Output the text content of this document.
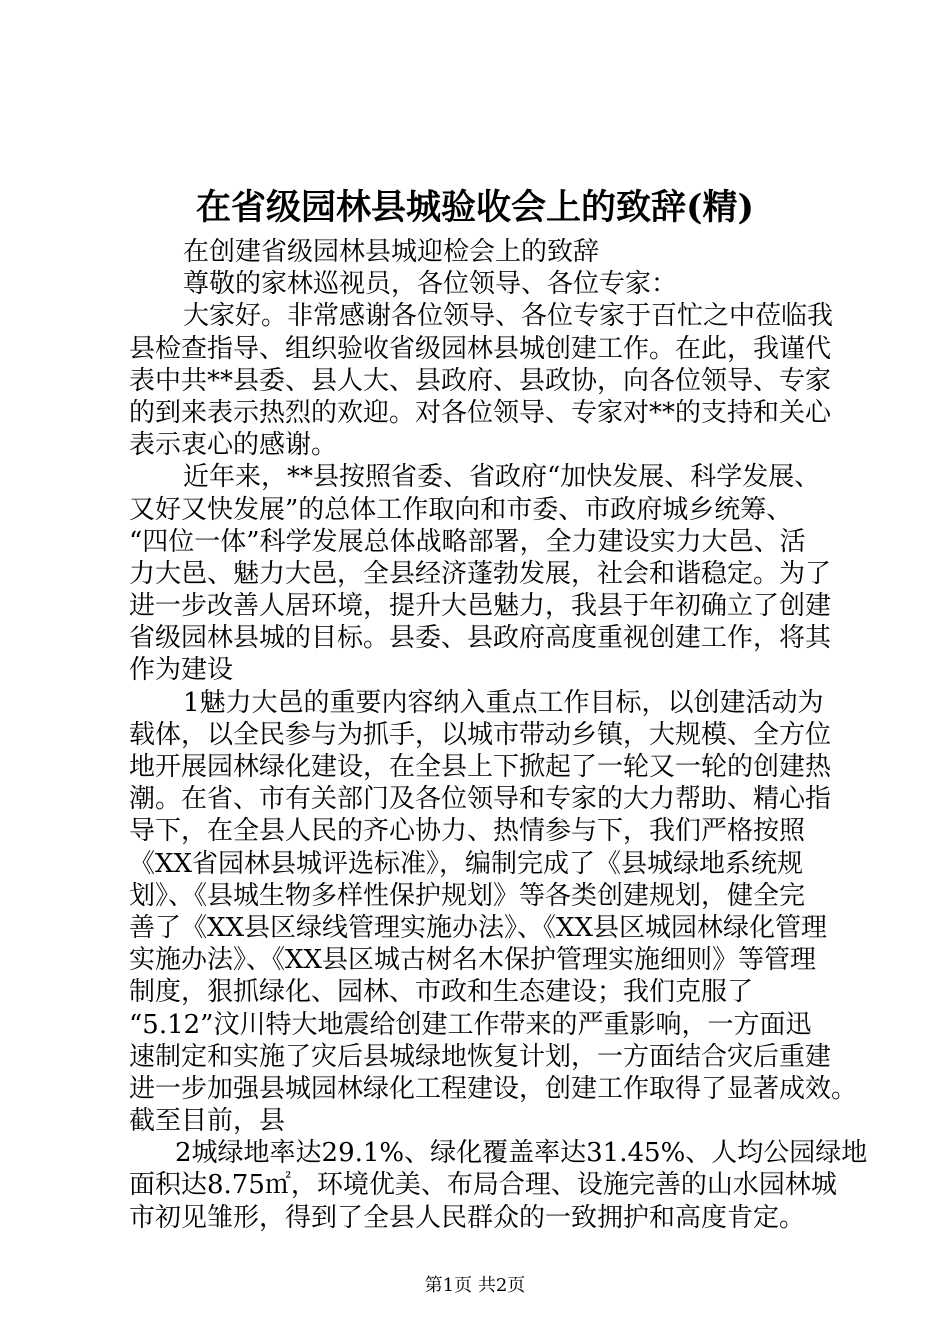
在省级园林县城验收会上的致辞(精)
在创建省级园林县城迎检会上的致辞
尊敬的家林巡视员，各位领导、各位专家：
大家好。非常感谢各位领导、各位专家于百忙之中莅临我
县检查指导、组织验收省级园林县城创建工作。在此，我谨代
表中共**县委、县人大、县政府、县政协，向各位领导、专家
的到来表示热烈的欢迎。对各位领导、专家对**的支持和关心
表示衷心的感谢。
近年来，**县按照省委、省政府“加快发展、科学发展、
又好又快发展”的总体工作取向和市委、市政府城乡统筹、
“四位一体”科学发展总体战略部署，全力建设实力大邑、活
力大邑、魅力大邑，全县经济蓬勃发展，社会和谐稳定。为了
进一步改善人居环境，提升大邑魅力，我县于年初确立了创建
省级园林县城的目标。县委、县政府高度重视创建工作，将其
作为建设
1魅力大邑的重要内容纳入重点工作目标，以创建活动为
载体，以全民参与为抓手，以城市带动乡镇，大规模、全方位
地开展园林绿化建设，在全县上下掀起了一轮又一轮的创建热
潮。在省、市有关部门及各位领导和专家的大力帮助、精心指
导下，在全县人民的齐心协力、热情参与下，我们严格按照
《XX省园林县城评选标准》，编制完成了《县城绿地系统规
划》、《县城生物多样性保护规划》等各类创建规划，健全完
善了《XX县区绿线管理实施办法》、《XX县区城园林绿化管理
实施办法》、《XX县区城古树名木保护管理实施细则》等管理
制度，狠抓绿化、园林、市政和生态建设；我们克服了
“5.12”汶川特大地震给创建工作带来的严重影响，一方面迅
速制定和实施了灾后县城绿地恢复计划，一方面结合灾后重建
进一步加强县城园林绿化工程建设，创建工作取得了显著成效。
截至目前，县
2城绿地率达29.1%、绿化覆盖率达31.45%、人均公园绿地
面积达8.75㎡，环境优美、布局合理、设施完善的山水园林城
市初见雏形，得到了全县人民群众的一致拥护和高度肯定。
第1页 共2页
